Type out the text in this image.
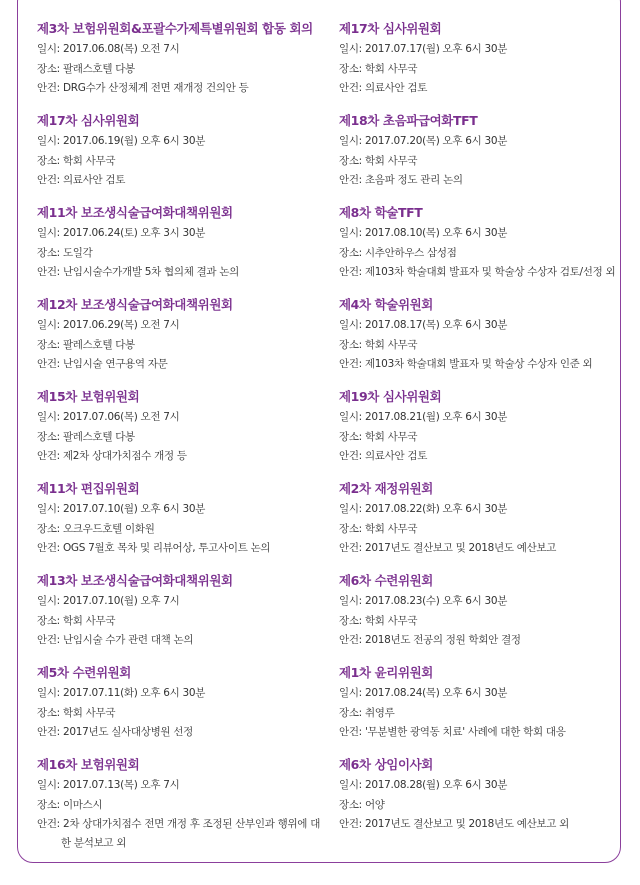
제3차 보험위원회&포괄수가제특별위원회 합동 회의
일시: 2017.06.08(목) 오전 7시
장소: 팔래스호텔 다봉
안건: DRG수가 산정체계 전면 재개정 건의안 등
제17차 심사위원회
일시: 2017.06.19(월) 오후 6시 30분
장소: 학회 사무국
안건: 의료사안 검토
제11차 보조생식술급여화대책위원회
일시: 2017.06.24(토) 오후 3시 30분
장소: 도일각
안건: 난임시술수가개발 5차 협의체 결과 논의
제12차 보조생식술급여화대책위원회
일시: 2017.06.29(목) 오전 7시
장소: 팔레스호텔 다봉
안건: 난임시술 연구용역 자문
제15차 보험위원회
일시: 2017.07.06(목) 오전 7시
장소: 팔레스호텔 다봉
안건: 제2차 상대가치점수 개정 등
제11차 편집위원회
일시: 2017.07.10(월) 오후 6시 30분
장소: 오크우드호텔 이화원
안건: OGS 7월호 목차 및 리뷰어상, 투고사이트 논의
제13차 보조생식술급여화대책위원회
일시: 2017.07.10(월) 오후 7시
장소: 학회 사무국
안건: 난임시술 수가 관련 대책 논의
제5차 수련위원회
일시: 2017.07.11(화) 오후 6시 30분
장소: 학회 사무국
안건: 2017년도 실사대상병원 선정
제16차 보험위원회
일시: 2017.07.13(목) 오후 7시
장소: 이마스시
안건: 2차 상대가치점수 전면 개정 후 조정된 산부인과 행위에 대한 분석보고 외
제17차 심사위원회
일시: 2017.07.17(월) 오후 6시 30분
장소: 학회 사무국
안건: 의료사안 검토
제18차 초음파급여화TFT
일시: 2017.07.20(목) 오후 6시 30분
장소: 학회 사무국
안건: 초음파 정도 관리 논의
제8차 학술TFT
일시: 2017.08.10(목) 오후 6시 30분
장소: 시추안하우스 삼성점
안건: 제103차 학술대회 발표자 및 학술상 수상자 검토/선정 외
제4차 학술위원회
일시: 2017.08.17(목) 오후 6시 30분
장소: 학회 사무국
안건: 제103차 학술대회 발표자 및 학술상 수상자 인준 외
제19차 심사위원회
일시: 2017.08.21(월) 오후 6시 30분
장소: 학회 사무국
안건: 의료사안 검토
제2차 재정위원회
일시: 2017.08.22(화) 오후 6시 30분
장소: 학회 사무국
안건: 2017년도 결산보고 및 2018년도 예산보고
제6차 수련위원회
일시: 2017.08.23(수) 오후 6시 30분
장소: 학회 사무국
안건: 2018년도 전공의 정원 학회안 결정
제1차 윤리위원회
일시: 2017.08.24(목) 오후 6시 30분
장소: 취영루
안건: '무분별한 광역동 치료' 사례에 대한 학회 대응
제6차 상임이사회
일시: 2017.08.28(월) 오후 6시 30분
장소: 어양
안건: 2017년도 결산보고 및 2018년도 예산보고 외
